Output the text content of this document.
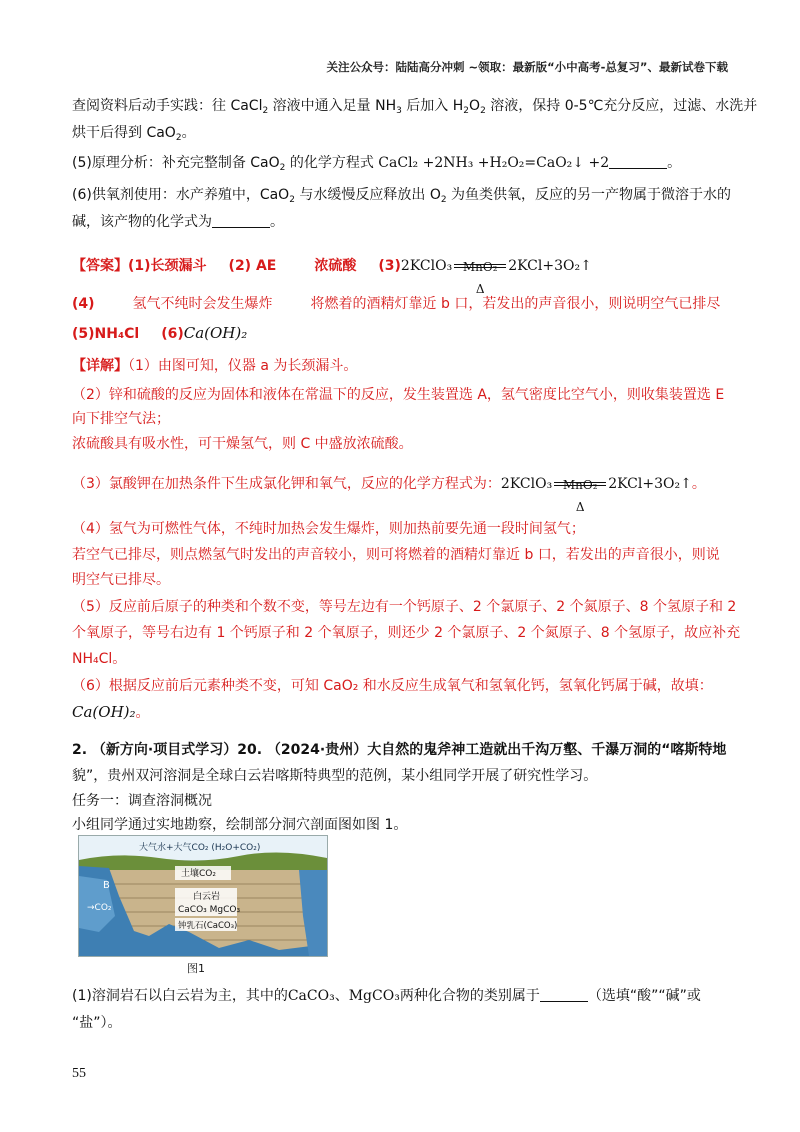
关注公众号：陆陆高分冲刺 ~领取：最新版“小中高考-总复习”、最新试卷下载
查阅资料后动手实践：往 CaCl$_2$ 溶液中通入足量 $NH_3$ 后加入 $H_2O_2$ 溶液，保持 0-5℃充分反应，过滤、水洗并
烘干后得到 CaO$_2$。
(5)原理分析：补充完整制备 CaO$_2$ 的化学方程式 CaCl₂ +2NH₃ +H₂O₂=CaO₂↓ +2	。
(6)供氧剂使用：水产养殖中，CaO$_2$ 与水缓慢反应释放出 $O_2$ 为鱼类供氧，反应的另一产物属于微溶于水的
碱，该产物的化学式为	。
【答案】(1)长颈漏斗 (2) AE	浓硫酸 (3)2KClO₃ MnO₂
Δ
2KCl+3O₂↑
(4)	氢气不纯时会发生爆炸	将燃着的酒精灯靠近 b 口，若发出的声音很小，则说明空气已排尽
(5)NH₄Cl (6)Ca(OH)₂
【详解】（1）由图可知，仪器 a 为长颈漏斗。
（2）锌和硫酸的反应为固体和液体在常温下的反应，发生装置选 A，氢气密度比空气小，则收集装置选 E
向下排空气法；
浓硫酸具有吸水性，可干燥氢气，则 C 中盛放浓硫酸。
（3）氯酸钾在加热条件下生成氯化钾和氧气，反应的化学方程式为：2KClO₃ MnO₂
Δ
2KCl+3O₂↑。
（4）氢气为可燃性气体，不纯时加热会发生爆炸，则加热前要先通一段时间氢气；
若空气已排尽，则点燃氢气时发出的声音较小，则可将燃着的酒精灯靠近 b 口，若发出的声音很小，则说
明空气已排尽。
（5）反应前后原子的种类和个数不变，等号左边有一个钙原子、2 个氯原子、2 个氮原子、8 个氢原子和 2
个氧原子，等号右边有 1 个钙原子和 2 个氧原子，则还少 2 个氯原子、2 个氮原子、8 个氢原子，故应补充
NH₄Cl。
（6）根据反应前后元素种类不变，可知 CaO₂ 和水反应生成氧气和氢氧化钙，氢氧化钙属于碱，故填：
Ca(OH)₂。
2. （新方向·项目式学习）20. （2024·贵州）大自然的鬼斧神工造就出千沟万壑、千瀑万洞的“喀斯特地
貌”，贵州双河溶洞是全球白云岩喀斯特典型的范例，某小组同学开展了研究性学习。
任务一：调查溶洞概况
小组同学通过实地勘察，绘制部分洞穴剖面图如图 1。
大气水+大气CO₂ (H₂O+CO₂)
土壤CO₂
白云岩
CaCO₃ MgCO₃
钟乳石(CaCO₃)
B
→CO₂
图1
(1)溶洞岩石以白云岩为主，其中的CaCO₃、MgCO₃两种化合物的类别属于	（选填“酸”“碱”或
“盐”）。
55
